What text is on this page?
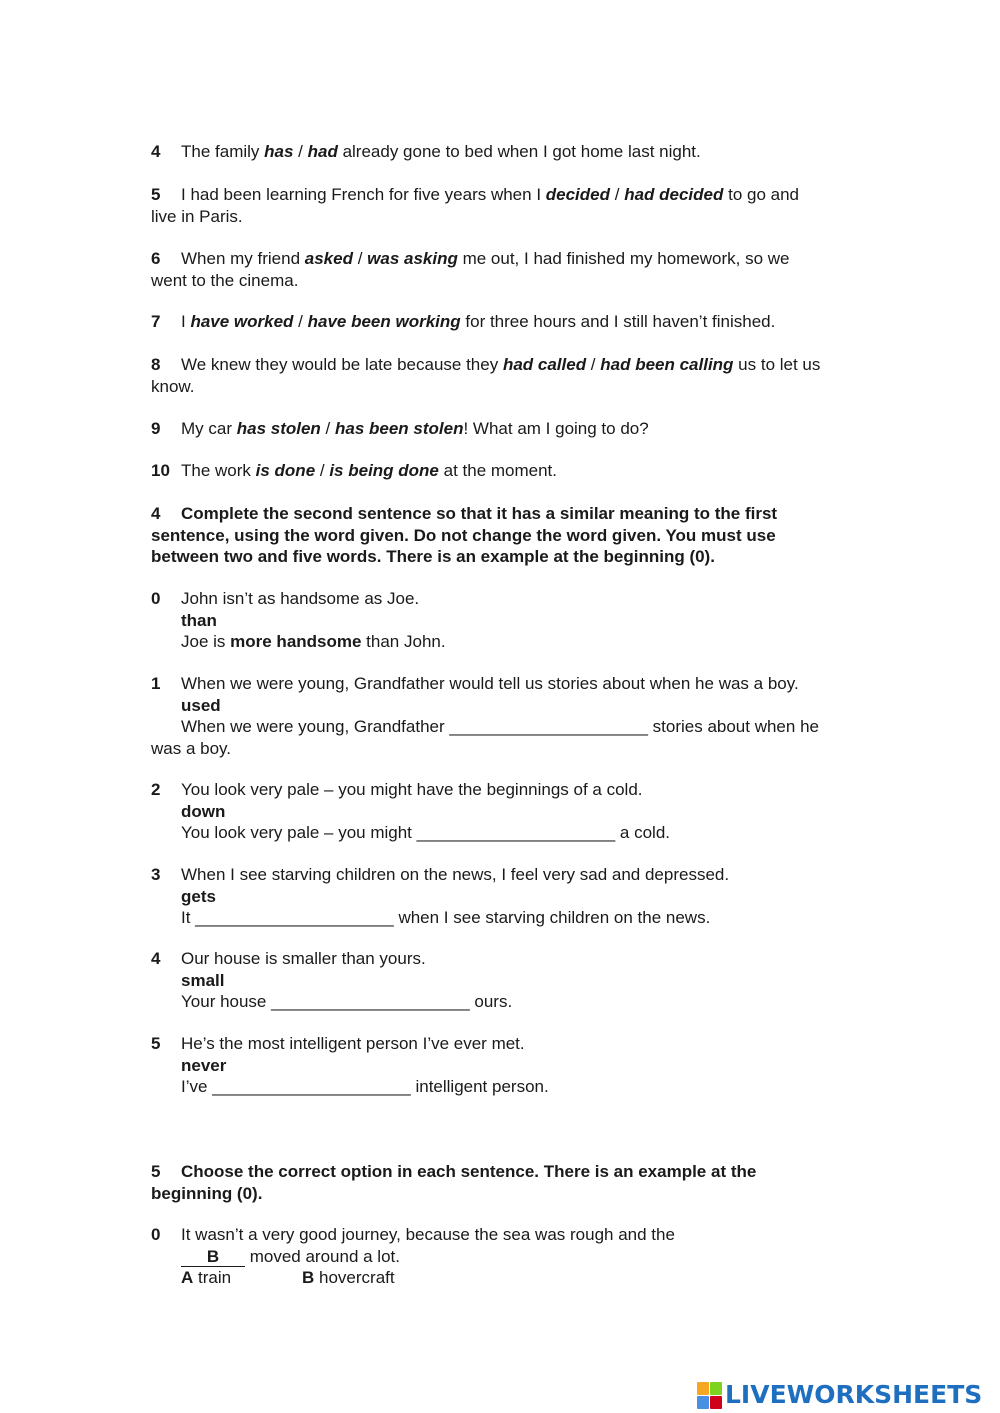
4 The family has / had already gone to bed when I got home last night.
5 I had been learning French for five years when I decided / had decided to go and
live in Paris.
6 When my friend asked / was asking me out, I had finished my homework, so we
went to the cinema.
7 I have worked / have been working for three hours and I still haven’t finished.
8 We knew they would be late because they had called / had been calling us to let us
know.
9 My car has stolen / has been stolen! What am I going to do?
10 The work is done / is being done at the moment.
4 Complete the second sentence so that it has a similar meaning to the first
sentence, using the word given. Do not change the word given. You must use
between two and five words. There is an example at the beginning (0).
0 John isn’t as handsome as Joe.
than
Joe is more handsome than John.
1 When we were young, Grandfather would tell us stories about when he was a boy.
used
When we were young, Grandfather _____________________ stories about when he
was a boy.
2 You look very pale – you might have the beginnings of a cold.
down
You look very pale – you might _____________________ a cold.
3 When I see starving children on the news, I feel very sad and depressed.
gets
It _____________________ when I see starving children on the news.
4 Our house is smaller than yours.
small
Your house _____________________ ours.
5 He’s the most intelligent person I’ve ever met.
never
I’ve _____________________ intelligent person.
5 Choose the correct option in each sentence. There is an example at the
beginning (0).
0 It wasn’t a very good journey, because the sea was rough and the
B moved around a lot.
A train	B hovercraft
LIVEWORKSHEETS
